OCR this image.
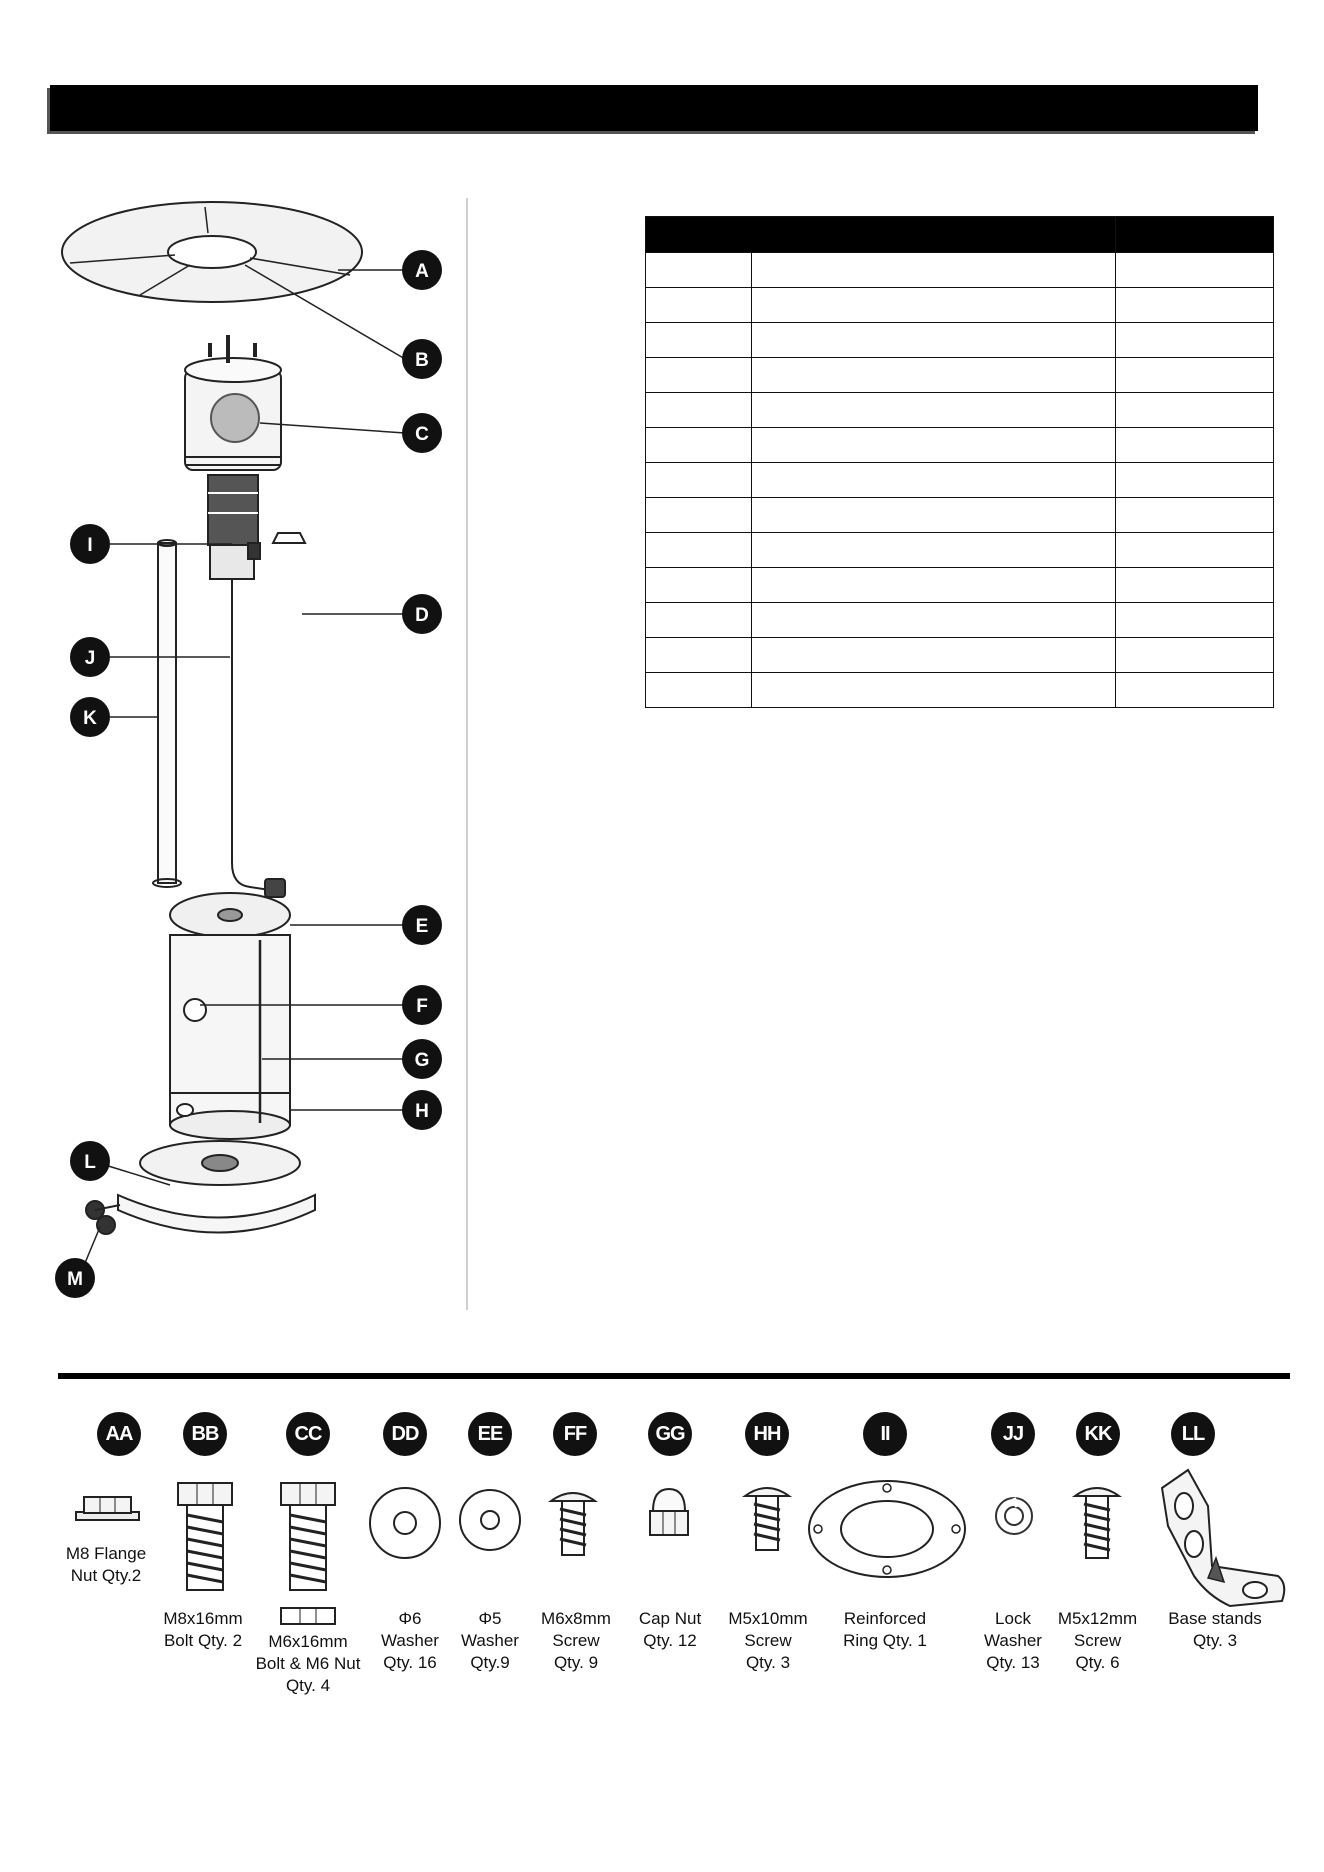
A
B
C
D
E
F
G
H
I
J
K
L
M

AA
M8 Flange
Nut Qty.2
BB
M8x16mm
Bolt Qty. 2
CC
M6x16mm
Bolt & M6 Nut
Qty. 4
DD
Φ6
Washer
Qty. 16
EE
Φ5
Washer
Qty.9
FF
M6x8mm
Screw
Qty. 9
GG
Cap Nut
Qty. 12
HH
M5x10mm
Screw
Qty. 3
II
Reinforced
Ring Qty. 1
JJ
Lock
Washer
Qty. 13
KK
M5x12mm
Screw
Qty. 6
LL
Base stands
Qty. 3
